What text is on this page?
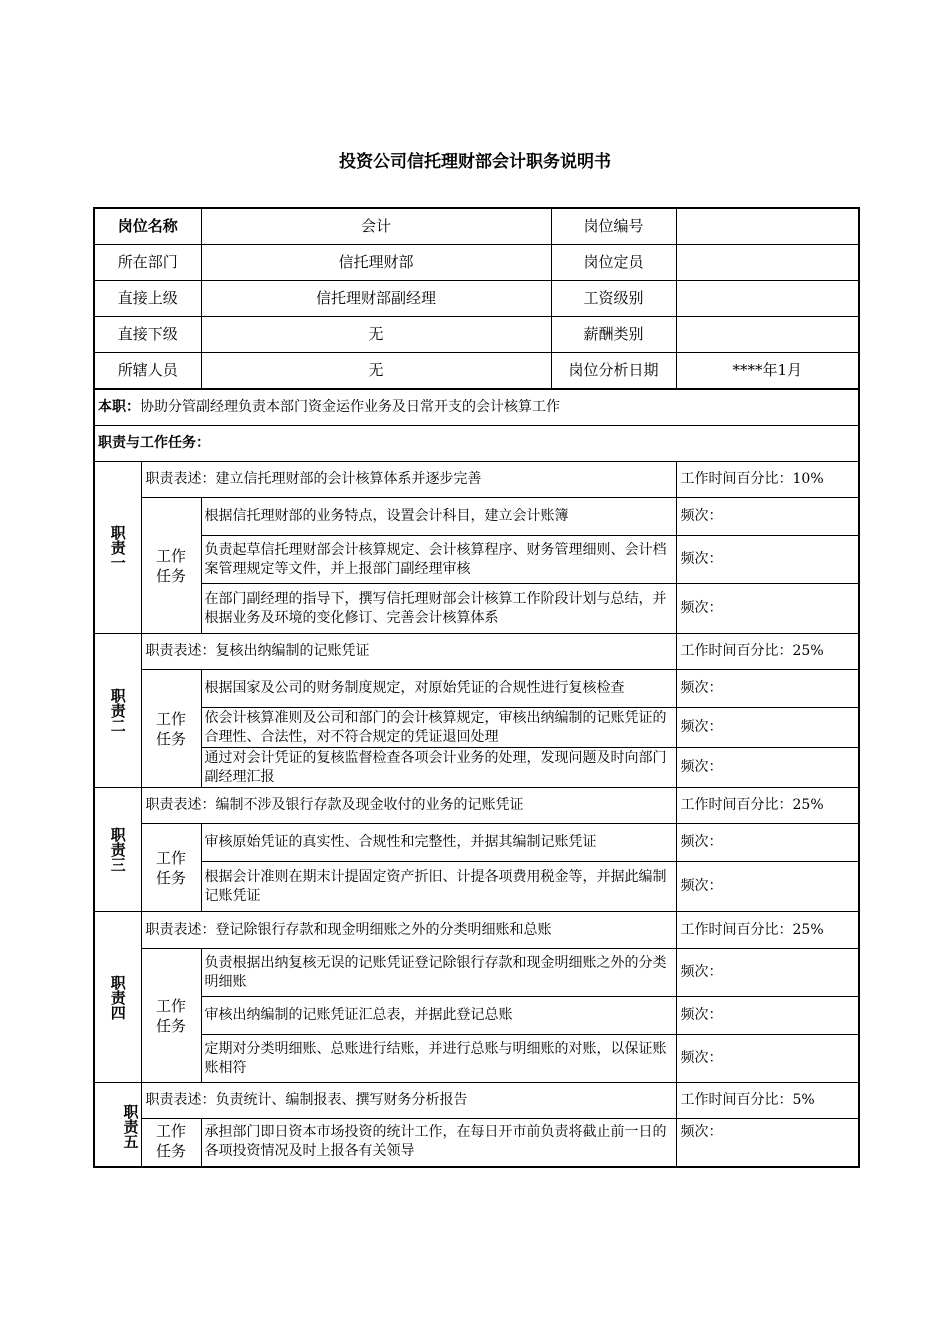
投资公司信托理财部会计职务说明书
岗位名称		会计	岗位编号	
所在部门		信托理财部	岗位定员	
直接上级		信托理财部副经理	工资级别	
直接下级		无	薪酬类别	
所辖人员		无	岗位分析日期	****年1月
本职：协助分管副经理负责本部门资金运作业务及日常开支的会计核算工作				
职责与工作任务：				
职责一	职责表述：建立信托理财部的会计核算体系并逐步完善			工作时间百分比：10%
	工作任务	根据信托理财部的业务特点，设置会计科目，建立会计账簿		频次：
		负责起草信托理财部会计核算规定、会计核算程序、财务管理细则、会计档案管理规定等文件，并上报部门副经理审核		频次：
		在部门副经理的指导下，撰写信托理财部会计核算工作阶段计划与总结，并根据业务及环境的变化修订、完善会计核算体系		频次：
职责二	职责表述：复核出纳编制的记账凭证			工作时间百分比：25%
	工作任务	根据国家及公司的财务制度规定，对原始凭证的合规性进行复核检查		频次：
		依会计核算准则及公司和部门的会计核算规定，审核出纳编制的记账凭证的合理性、合法性，对不符合规定的凭证退回处理		频次：
		通过对会计凭证的复核监督检查各项会计业务的处理，发现问题及时向部门副经理汇报		频次：
职责三	职责表述：编制不涉及银行存款及现金收付的业务的记账凭证			工作时间百分比：25%
	工作任务	审核原始凭证的真实性、合规性和完整性，并据其编制记账凭证		频次：
		根据会计准则在期末计提固定资产折旧、计提各项费用税金等，并据此编制记账凭证		频次：
职责四	职责表述：登记除银行存款和现金明细账之外的分类明细账和总账			工作时间百分比：25%
	工作任务	负责根据出纳复核无误的记账凭证登记除银行存款和现金明细账之外的分类明细账		频次：
		审核出纳编制的记账凭证汇总表，并据此登记总账		频次：
		定期对分类明细账、总账进行结账，并进行总账与明细账的对账，以保证账账相符		频次：
职责五	职责表述：负责统计、编制报表、撰写财务分析报告			工作时间百分比：5%
	工作任务	承担部门即日资本市场投资的统计工作，在每日开市前负责将截止前一日的各项投资情况及时上报各有关领导		频次：
